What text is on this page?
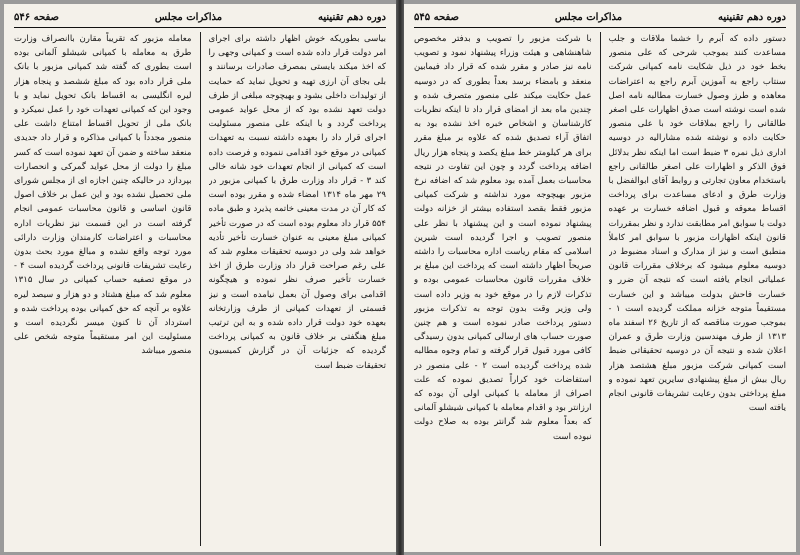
دوره دهم تقنینیه
مذاکرات مجلس
صفحه ۵۴۵

دستور داده که آبرم را خشما ملاقات و جلب مساعدت کنند بموجب شرحی که علی منصور بخط خود در ذیل شکایت نامه کمپانی شرکت سنتاب راجع به آموزین آبرم راجع به اعتراضات معاهده و طرز وصول خسارت مطالبه نامه اصل شده است نوشته است صدق اظهارات علی اصغر طالقانی را راجع بملاقات خود با علی منصور حکایت داده و نوشته شده مشارالیه در دوسیه اداری ذیل نمره ۳ ضبط است اما اینکه نظر بدلائل فوق الذکر و اظهارات علی اصغر طالقانی راجع باستخدام معاون تجارتی و روابط آقای ابوالفضل با وزارت طرق و ادعای مساعدت برای پرداخت اقساط معوقه و قبول اضافه خسارت بر عهده دولت با سوابق امر مطابقت ندارد و نظر بمقررات قانون اینکه اظهارات مزبور با سوابق امر کاملاً منطبق است و نیز از مدارک و اسناد مضبوط در دوسیه معلوم میشود که برخلاف مقررات قانون عملیاتی انجام یافته است که نتیجه آن ضرر و خسارت فاحش بدولت میباشد و این خسارت مستقیماً متوجه خزانه مملکت گردیده است ۱ - بموجب صورت مناقصه که از تاریخ ۲۶ اسفند ماه ۱۳۱۳ از طرف مهندسین وزارت طرق و عمران اعلان شده و نتیجه آن در دوسیه تحقیقاتی ضبط است کمپانی شرکت مزبور مبلغ هشتصد هزار ریال بیش از مبلغ پیشنهادی سایرین تعهد نموده و مبلغ پرداختی بدون رعایت تشریفات قانونی انجام یافته است

با شرکت مزبور را تصویب و بدفتر مخصوص شاهنشاهی و هیئت وزراء پیشنهاد نمود و تصویب نامه نیز صادر و مقرر شده که قرار داد فیمابین منعقد و بامضاء برسد بعداً بطوری که در دوسیه عمل حکایت میکند علی منصور متصرف شده و چندین ماه بعد از امضای قرار داد تا اینکه نظریات کارشناسان و اشخاص خبره اخذ نشده بود به اتفاق آراء تصدیق شده که علاوه بر مبلغ مقرر برای هر کیلومتر خط مبلغ یکصد و پنجاه هزار ریال اضافه پرداخت گردد و چون این تفاوت در نتیجه محاسبات بعمل آمده بود معلوم شد که اضافه نرخ مزبور بهیچوجه مورد نداشته و شرکت کمپانی مزبور فقط بقصد استفاده بیشتر از خزانه دولت پیشنهاد نموده است و این پیشنهاد با نظر علی منصور تصویب و اجرا گردیده است شیرین اسلامی که مقام ریاست اداره محاسبات را داشته صریحاً اظهار داشته است که پرداخت این مبلغ بر خلاف مقررات قانون محاسبات عمومی بوده و تذکرات لازم را در موقع خود به وزیر داده است ولی وزیر وقت بدون توجه به تذکرات مزبور دستور پرداخت صادر نموده است و هم چنین صورت حساب های ارسالی کمپانی بدون رسیدگی کافی مورد قبول قرار گرفته و تمام وجوه مطالبه شده پرداخت گردیده است ۲ - علی منصور در استفاضات خود کراراً تصدیق نموده که علت اصراف از معامله با کمپانی اولی آن بوده که ارزانتر بود و اقدام معامله با کمپانی شیشلو آلمانی که بعداً معلوم شد گرانتر بوده به صلاح دولت نبوده است

دوره دهم تقنینیه
مذاکرات مجلس
صفحه ۵۴۶

بیاسی بطوریکه خوش اظهار داشته برای اجرای امر دولت قرار داده شده است و کمپانی وجهی را که اخذ میکند بایستی بمصرف صادرات برسانند و بلی بجای آن ارزی تهیه و تحویل نماید که حمایت از تولیدات داخلی بشود و بهیچوجه مبلغی از طرف دولت تعهد نشده بود که از محل عواید عمومی پرداخت گردد و با اینکه علی منصور مسئولیت اجرای قرار داد را بعهده داشته نسبت به تعهدات کمپانی در موقع خود اقدامی ننموده و فرصت داده است که کمپانی از انجام تعهدات خود شانه خالی کند ۳ - قرار داد وزارت طرق با کمپانی مزبور در ۲۹ مهر ماه ۱۳۱۴ امضاء شده و مقرر بوده است که کار آن در مدت معینی خاتمه پذیرد و طبق ماده ۵۵۴ قرار داد معلوم بوده است که در صورت تأخیر کمپانی مبلغ معینی به عنوان خسارت تأخیر تأدیه خواهد شد ولی در دوسیه تحقیقات معلوم شد که علی رغم صراحت قرار داد وزارت طرق از اخذ خسارت تأخیر صرف نظر نموده و هیچگونه اقدامی برای وصول آن بعمل نیامده است و نیز قسمتی از تعهدات کمپانی از طرف وزارتخانه بعهده خود دولت قرار داده شده و به این ترتیب مبلغ هنگفتی بر خلاف قانون به کمپانی پرداخت گردیده که جزئیات آن در گزارش کمیسیون تحقیقات ضبط است

معامله مزبور که تقریباً مقارن باانصراف وزارت طرق به معامله با کمپانی شیشلو آلمانی بوده است بطوری که گفته شد کمپانی مزبور با بانک ملی قرار داده بود که مبلغ ششصد و پنجاه هزار لیره انگلیسی به اقساط بانک تحویل نماید و با وجود این که کمپانی تعهدات خود را عمل نمیکرد و بانک ملی از تحویل اقساط امتناع داشت علی منصور مجدداً با کمپانی مذاکره و قرار داد جدیدی منعقد ساخته و ضمن آن تعهد نموده است که کسر مبلغ را دولت از محل عواید گمرکی و انحصارات بپردازد در حالیکه چنین اجازه ای از مجلس شورای ملی تحصیل نشده بود و این عمل بر خلاف اصول قانون اساسی و قانون محاسبات عمومی انجام گرفته است در این قسمت نیز نظریات اداره محاسبات و اعتراضات کارمندان وزارت دارائی مورد توجه واقع نشده و مبالغ مورد بحث بدون رعایت تشریفات قانونی پرداخت گردیده است ۴ - در موقع تصفیه حساب کمپانی در سال ۱۳۱۵ معلوم شد که مبلغ هشتاد و دو هزار و سیصد لیره علاوه بر آنچه که حق کمپانی بوده پرداخت شده و استرداد آن تا کنون میسر نگردیده است و مسئولیت این امر مستقیماً متوجه شخص علی منصور میباشد
